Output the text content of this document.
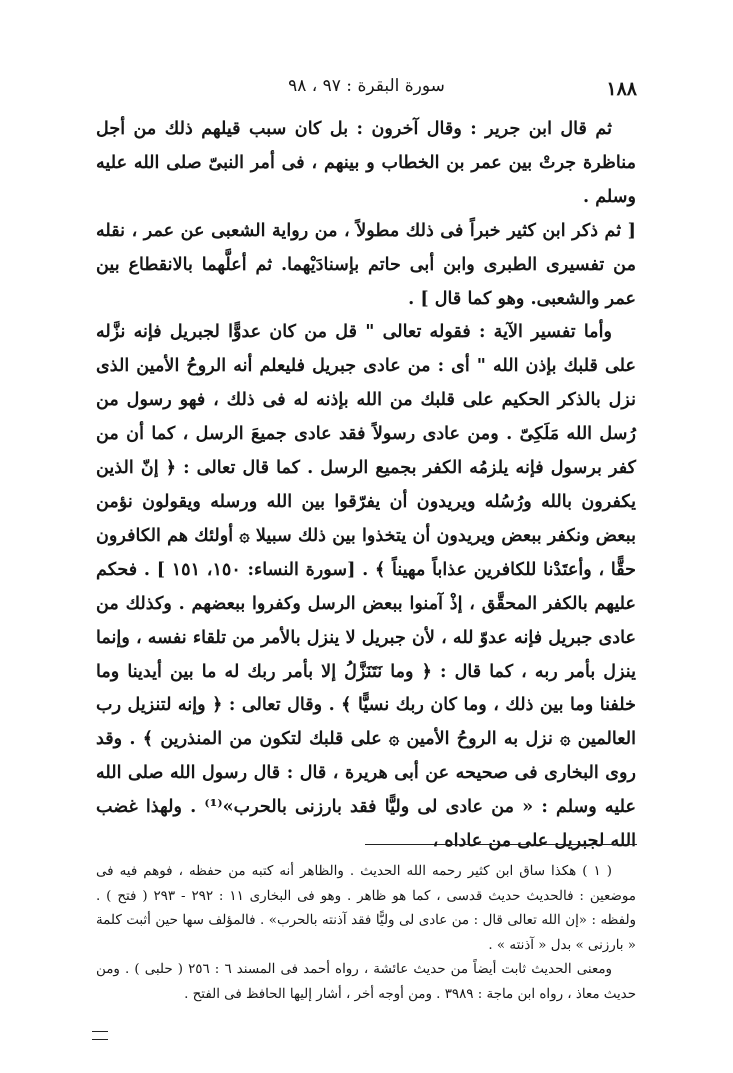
١٨٨
سورة البقرة : ٩٧ ، ٩٨

ثم قال ابن جرير : وقال آخرون : بل كان سبب قيلهم ذلك من أجل مناظرة جرتْ بين عمر بن الخطاب و بينهم ، فى أمر النبىّ صلى الله عليه وسلم .

[ ثم ذكر ابن كثير خبراً فى ذلك مطولاً ، من رواية الشعبى عن عمر ، نقله من تفسيرى الطبرى وابن أبى حاتم بإسنادَيْهما. ثم أعلَّهما بالانقطاع بين عمر والشعبى. وهو كما قال ] .

وأما تفسير الآية : فقوله تعالى " قل من كان عدوًّا لجبريل فإنه نزَّله على قلبك بإذن الله " أى : من عادى جبريل فليعلم أنه الروحُ الأمين الذى نزل بالذكر الحكيم على قلبك من الله بإذنه له فى ذلك ، فهو رسول من رُسل الله مَلَكِىّ . ومن عادى رسولاً فقد عادى جميعَ الرسل ، كما أن من كفر برسول فإنه يلزمُه الكفر بجميع الرسل . كما قال تعالى : ﴿ إنّ الذين يكفرون بالله ورُسُله ويريدون أن يفرّقوا بين الله ورسله ويقولون نؤمن ببعض ونكفر ببعض ويريدون أن يتخذوا بين ذلك سبيلا ۞ أولئك هم الكافرون حقًّا ، وأعتَدْنا للكافرين عذاباً مهيناً ﴾ . [سورة النساء: ١٥٠، ١٥١ ] . فحكم عليهم بالكفر المحقَّق ، إذْ آمنوا ببعض الرسل وكفروا ببعضهم . وكذلك من عادى جبريل فإنه عدوّ لله ، لأن جبريل لا ينزل بالأمر من تلقاء نفسه ، وإنما ينزل بأمر ربه ، كما قال : ﴿ وما نَتَنَزَّلُ إلا بأمر ربك له ما بين أيدينا وما خلفنا وما بين ذلك ، وما كان ربك نسيًّا ﴾ . وقال تعالى : ﴿ وإنه لتنزيل رب العالمين ۞ نزل به الروحُ الأمين ۞ على قلبك لتكون من المنذرين ﴾ . وقد روى البخارى فى صحيحه عن أبى هريرة ، قال : قال رسول الله صلى الله عليه وسلم : « من عادى لى وليًّا فقد بارزنى بالحرب»⁽¹⁾ . ولهذا غضب الله لجبريل على من عاداه ،

( ١ ) هكذا ساق ابن كثير رحمه الله الحديث . والظاهر أنه كتبه من حفظه ، فوهم فيه فى موضعين : فالحديث حديث قدسى ، كما هو ظاهر . وهو فى البخارى ١١ : ٢٩٢ - ٢٩٣ ( فتح ) . ولفظه : «إن الله تعالى قال : من عادى لى وليًّا فقد آذنته بالحرب» . فالمؤلف سها حين أثبت كلمة « بارزنى » بدل « آذنته » .

ومعنى الحديث ثابت أيضاً من حديث عائشة ، رواه أحمد فى المسند ٦ : ٢٥٦ ( حلبى ) . ومن حديث معاذ ، رواه ابن ماجة : ٣٩٨٩ . ومن أوجه أخر ، أشار إليها الحافظ فى الفتح .
